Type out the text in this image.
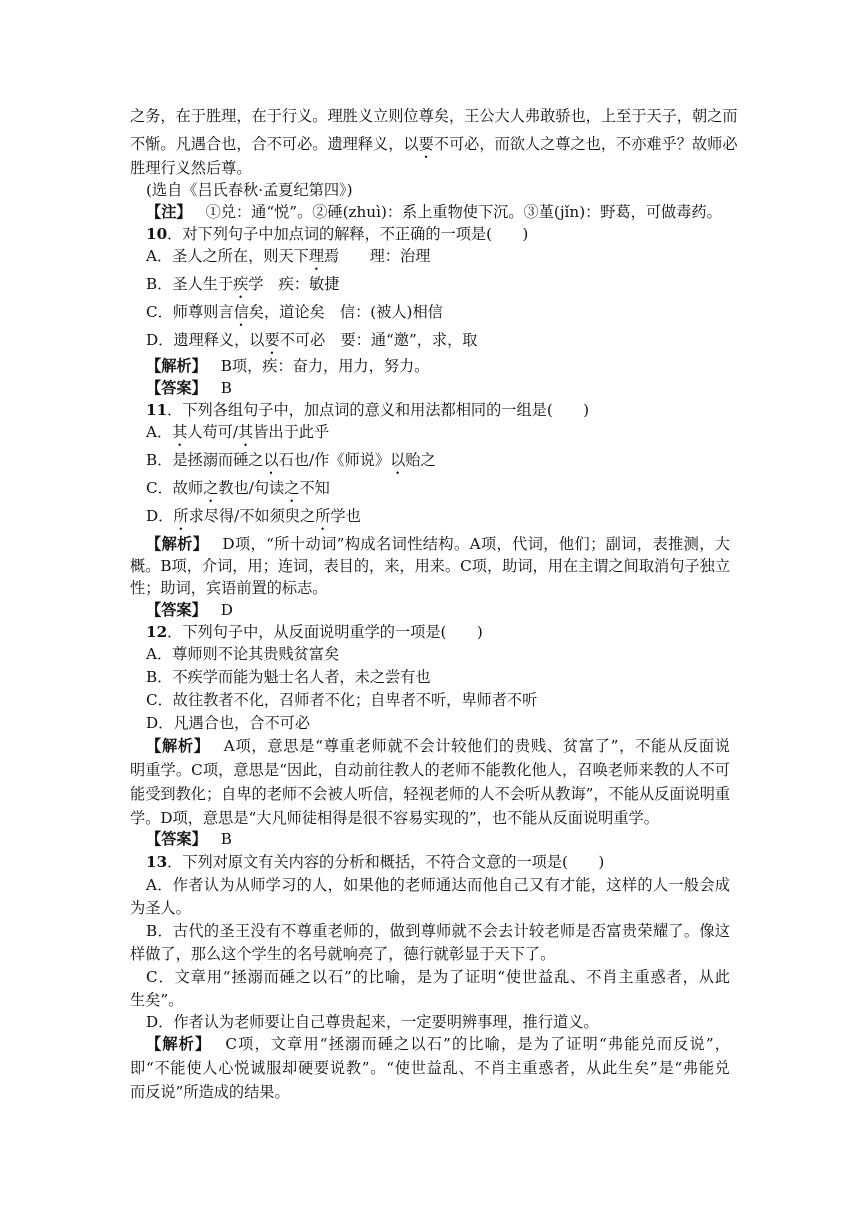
之务，在于胜理，在于行义。理胜义立则位尊矣，王公大人弗敢骄也，上至于天子，朝之而
不惭。凡遇合也，合不可必。遗理释义，以要不可必，而欲人之尊之也，不亦难乎？故师必
胜理行义然后尊。
(选自《吕氏春秋·孟夏纪第四》)
【注】 ①兑：通“悦”。②硾(zhuì)：系上重物使下沉。③堇(jǐn)：野葛，可做毒药。
10．对下列句子中加点词的解释，不正确的一项是(　　)
A．圣人之所在，则天下理焉　　理：治理
B．圣人生于疾学　疾：敏捷
C．师尊则言信矣，道论矣　信：(被人)相信
D．遗理释义，以要不可必　要：通“邀”，求，取
【解析】 B项，疾：奋力，用力，努力。
【答案】 B
11．下列各组句子中，加点词的意义和用法都相同的一组是(　　)
A．其人苟可/其皆出于此乎
B．是拯溺而硾之以石也/作《师说》以贻之
C．故师之教也/句读之不知
D．所求尽得/不如须臾之所学也
【解析】 D项，“所十动词”构成名词性结构。A项，代词，他们；副词，表推测，大
概。B项，介词，用；连词，表目的，来，用来。C项，助词，用在主谓之间取消句子独立
性；助词，宾语前置的标志。
【答案】 D
12．下列句子中，从反面说明重学的一项是(　　)
A．尊师则不论其贵贱贫富矣
B．不疾学而能为魁士名人者，未之尝有也
C．故往教者不化，召师者不化；自卑者不听，卑师者不听
D．凡遇合也，合不可必
【解析】 A项，意思是“尊重老师就不会计较他们的贵贱、贫富了”，不能从反面说
明重学。C项，意思是“因此，自动前往教人的老师不能教化他人，召唤老师来教的人不可
能受到教化；自卑的老师不会被人听信，轻视老师的人不会听从教诲”，不能从反面说明重
学。D项，意思是“大凡师徒相得是很不容易实现的”，也不能从反面说明重学。
【答案】 B
13．下列对原文有关内容的分析和概括，不符合文意的一项是(　　)
A．作者认为从师学习的人，如果他的老师通达而他自己又有才能，这样的人一般会成
为圣人。
B．古代的圣王没有不尊重老师的，做到尊师就不会去计较老师是否富贵荣耀了。像这
样做了，那么这个学生的名号就响亮了，德行就彰显于天下了。
C．文章用“拯溺而硾之以石”的比喻，是为了证明“使世益乱、不肖主重惑者，从此
生矣”。
D．作者认为老师要让自己尊贵起来，一定要明辨事理，推行道义。
【解析】 C项，文章用“拯溺而硾之以石”的比喻，是为了证明“弗能兑而反说”，
即“不能使人心悦诚服却硬要说教”。“使世益乱、不肖主重惑者，从此生矣”是“弗能兑
而反说”所造成的结果。
